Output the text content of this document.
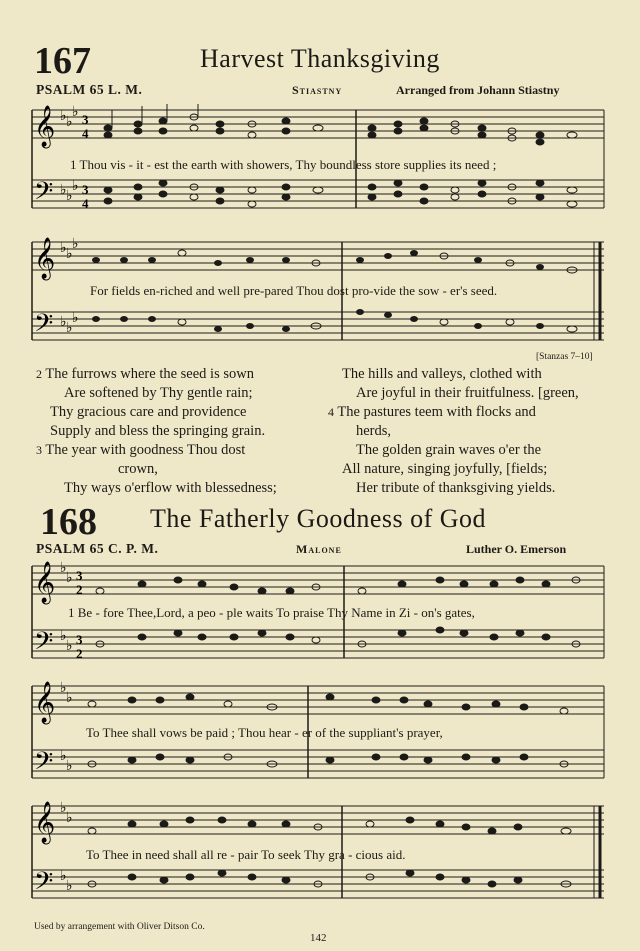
167	Harvest Thanksgiving
PSALM 65 L. M.	Stiastny	Arranged from Johann Stiastny
𝄞
𝄢
♭ ♭
♭
♭ ♭
♭
3
4
3
4
1 Thou vis - it - est the earth with showers, Thy boundless store supplies its need ;
𝄞
𝄢
♭ ♭
♭
♭ ♭
♭
For fields en-riched and well pre-pared Thou dost pro-vide the sow - er's seed.
[Stanzas 7–10]
2 The furrows where the seed is sown
Are softened by Thy gentle rain;
Thy gracious care and providence
Supply and bless the springing grain.
3 The year with goodness Thou dost
crown,
Thy ways o'erflow with blessedness;
The hills and valleys, clothed with
Are joyful in their fruitfulness. [green,
4 The pastures teem with flocks and
herds,
The golden grain waves o'er the
All nature, singing joyfully, [fields;
Her tribute of thanksgiving yields.
168 The Fatherly Goodness of God
PSALM 65 C. P. M.	Malone	Luther O. Emerson
𝄞
𝄢
♭
♭
♭
♭
3
2
3
2
1 Be - fore Thee,Lord, a peo - ple waits To praise Thy Name in Zi - on's gates,
𝄞
𝄢
♭
♭
♭
♭
To Thee shall vows be paid ; Thou hear - er of the suppliant's prayer,
𝄞
𝄢
♭
♭
♭
♭
To Thee in need shall all re - pair To seek Thy gra - cious aid.
Used by arrangement with Oliver Ditson Co.
142
